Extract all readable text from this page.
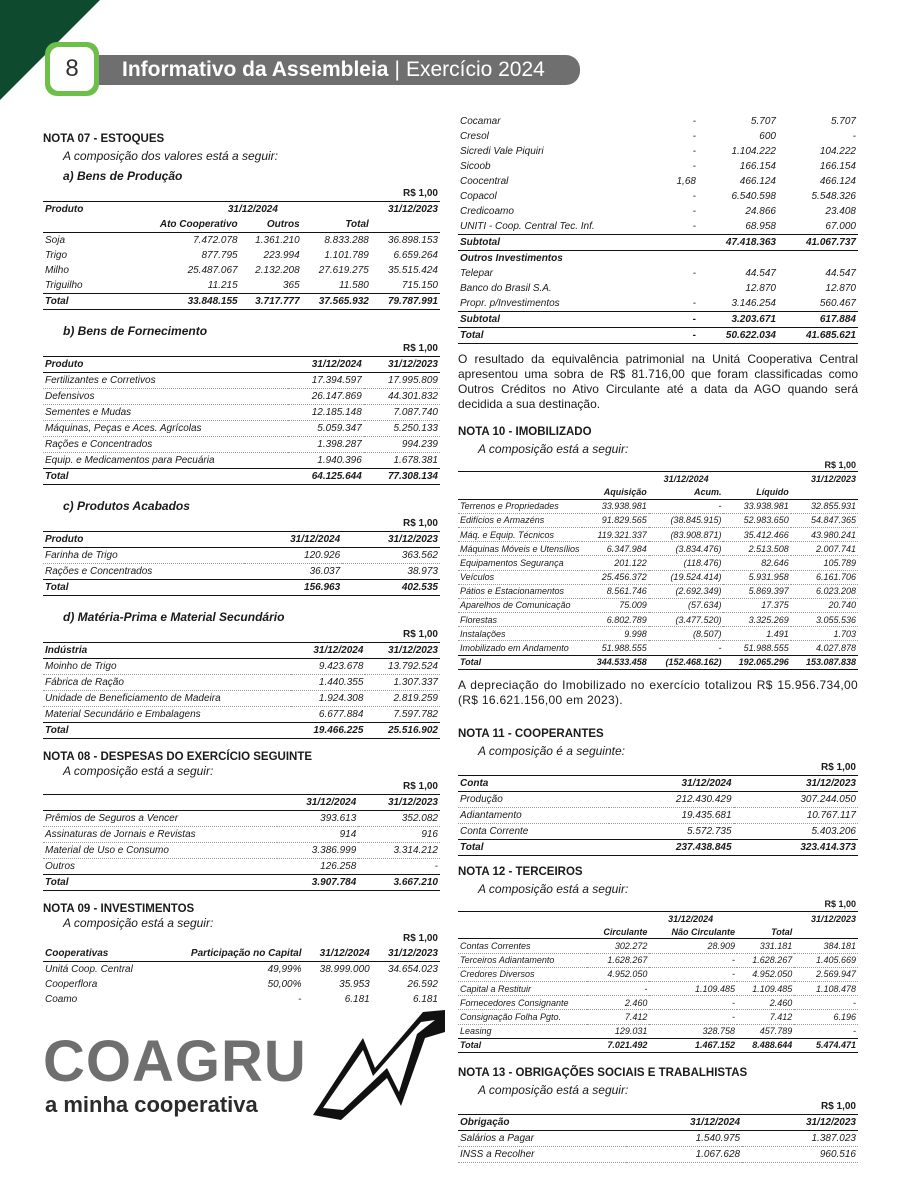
8	Informativo da Assembleia | Exercício 2024
NOTA 07 - ESTOQUES
A composição dos valores está a seguir:
a) Bens de Produção
R$ 1,00				
Produto	31/12/2024			31/12/2023
	Ato Cooperativo	Outros	Total	
Soja	7.472.078	1.361.210	8.833.288	36.898.153
Trigo	877.795	223.994	1.101.789	6.659.264
Milho	25.487.067	2.132.208	27.619.275	35.515.424
Triguilho	11.215	365	11.580	715.150
Total	33.848.155	3.717.777	37.565.932	79.787.991
b) Bens de Fornecimento
R$ 1,00		
Produto	31/12/2024	31/12/2023
Fertilizantes e Corretivos	17.394.597	17.995.809
Defensivos	26.147.869	44.301.832
Sementes e Mudas	12.185.148	7.087.740
Máquinas, Peças e Aces. Agrícolas	5.059.347	5.250.133
Rações e Concentrados	1.398.287	994.239
Equip. e Medicamentos para Pecuária	1.940.396	1.678.381
Total	64.125.644	77.308.134
c) Produtos Acabados
R$ 1,00		
Produto	31/12/2024	31/12/2023
Farinha de Trigo	120.926	363.562
Rações e Concentrados	36.037	38.973
Total	156.963	402.535
d) Matéria-Prima e Material Secundário
R$ 1,00		
Indústria	31/12/2024	31/12/2023
Moinho de Trigo	9.423.678	13.792.524
Fábrica de Ração	1.440.355	1.307.337
Unidade de Beneficiamento de Madeira	1.924.308	2.819.259
Material Secundário e Embalagens	6.677.884	7.597.782
Total	19.466.225	25.516.902
NOTA 08 - DESPESAS DO EXERCÍCIO SEGUINTE
A composição está a seguir:
R$ 1,00		
	31/12/2024	31/12/2023
Prêmios de Seguros a Vencer	393.613	352.082
Assinaturas de Jornais e Revistas	914	916
Material de Uso e Consumo	3.386.999	3.314.212
Outros	126.258	-
Total	3.907.784	3.667.210
NOTA 09 - INVESTIMENTOS
A composição está a seguir:
R$ 1,00			
Cooperativas	Participação no Capital	31/12/2024	31/12/2023
Unitá Coop. Central	49,99%	38.999.000	34.654.023
Cooperflora	50,00%	35.953	26.592
Coamo	-	6.181	6.181
Cocamar	-	5.707	5.707
Cresol	-	600	-
Sicredi Vale Piquiri	-	1.104.222	104.222
Sicoob	-	166.154	166.154
Coocentral	1,68	466.124	466.124
Copacol	-	6.540.598	5.548.326
Credicoamo	-	24.866	23.408
UNITI - Coop. Central Tec. Inf.	-	68.958	67.000
Subtotal		47.418.363	41.067.737
Outros Investimentos			
Telepar	-	44.547	44.547
Banco do Brasil S.A.		12.870	12.870
Propr. p/Investimentos	-	3.146.254	560.467
Subtotal	-	3.203.671	617.884
Total	-	50.622.034	41.685.621
O resultado da equivalência patrimonial na Unitá Cooperativa Central apresentou uma sobra de R$ 81.716,00 que foram classificadas como Outros Créditos no Ativo Circulante até a data da AGO quando será decidida a sua destinação.
NOTA 10 - IMOBILIZADO
A composição está a seguir:
R$ 1,00				
	31/12/2024			31/12/2023
	Aquisição	Acum.	Líquido	
Terrenos e Propriedades	33.938.981	-	33.938.981	32.855.931
Edifícios e Armazéns	91.829.565	(38.845.915)	52.983.650	54.847.365
Máq. e Equip. Técnicos	119.321.337	(83.908.871)	35.412.466	43.980.241
Máquinas Móveis e Utensílios	6.347.984	(3.834.476)	2.513.508	2.007.741
Equipamentos Segurança	201.122	(118.476)	82.646	105.789
Veículos	25.456.372	(19.524.414)	5.931.958	6.161.706
Pátios e Estacionamentos	8.561.746	(2.692.349)	5.869.397	6.023.208
Aparelhos de Comunicação	75.009	(57.634)	17.375	20.740
Florestas	6.802.789	(3.477.520)	3.325.269	3.055.536
Instalações	9.998	(8.507)	1.491	1.703
Imobilizado em Andamento	51.988.555	-	51.988.555	4.027.878
Total	344.533.458	(152.468.162)	192.065.296	153.087.838
A depreciação do Imobilizado no exercício totalizou R$ 15.956.734,00 (R$ 16.621.156,00 em 2023).
NOTA 11 - COOPERANTES
A composição é a seguinte:
R$ 1,00		
Conta	31/12/2024	31/12/2023
Produção	212.430.429	307.244.050
Adiantamento	19.435.681	10.767.117
Conta Corrente	5.572.735	5.403.206
Total	237.438.845	323.414.373
NOTA 12 - TERCEIROS
A composição está a seguir:
R$ 1,00				
	31/12/2024			31/12/2023
	Circulante	Não Circulante	Total	
Contas Correntes	302.272	28.909	331.181	384.181
Terceiros Adiantamento	1.628.267	-	1.628.267	1.405.669
Credores Diversos	4.952.050	-	4.952.050	2.569.947
Capital a Restituir	-	1.109.485	1.109.485	1.108.478
Fornecedores Consignante	2.460	-	2.460	-
Consignação Folha Pgto.	7.412	-	7.412	6.196
Leasing	129.031	328.758	457.789	-
Total	7.021.492	1.467.152	8.488.644	5.474.471
NOTA 13 - OBRIGAÇÕES SOCIAIS E TRABALHISTAS
A composição está a seguir:
R$ 1,00		
Obrigação	31/12/2024	31/12/2023
Salários a Pagar	1.540.975	1.387.023
INSS a Recolher	1.067.628	960.516
COAGRU
a minha cooperativa
